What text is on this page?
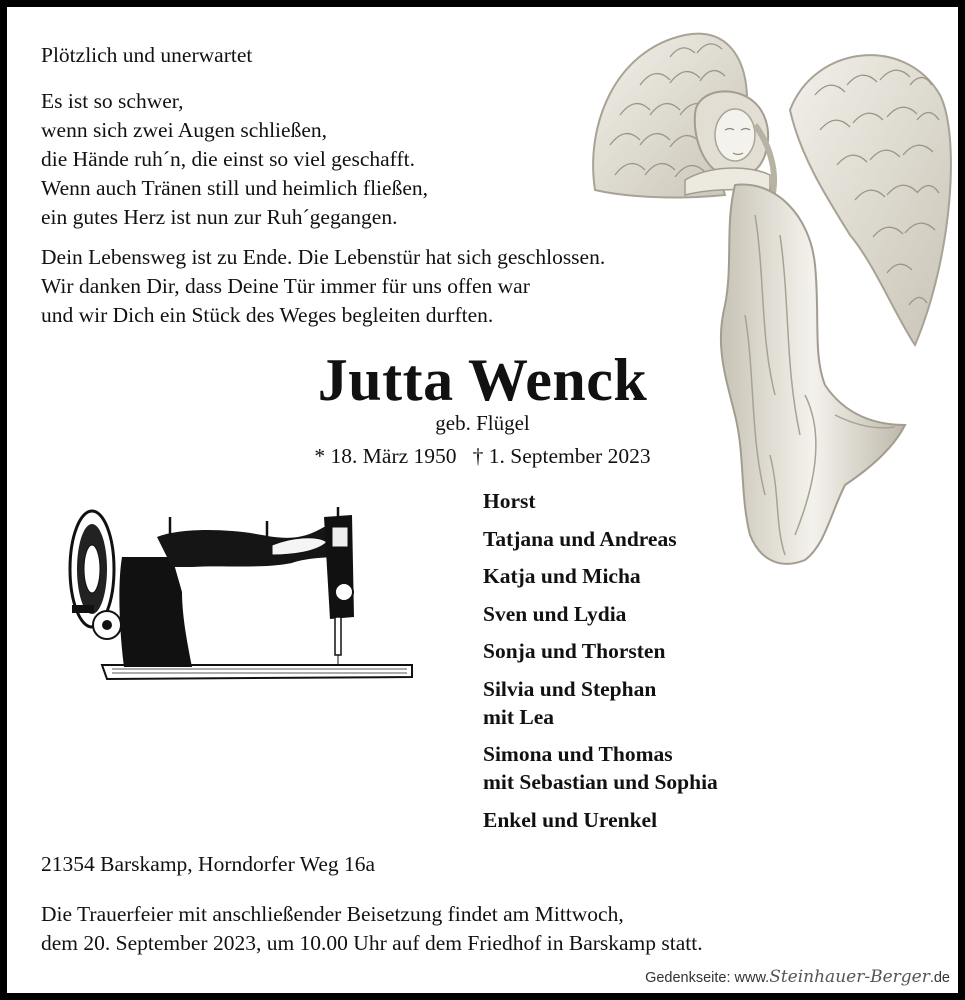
Plötzlich und unerwartet
Es ist so schwer,
wenn sich zwei Augen schließen,
die Hände ruh´n, die einst so viel geschafft.
Wenn auch Tränen still und heimlich fließen,
ein gutes Herz ist nun zur Ruh´gegangen.
Dein Lebensweg ist zu Ende. Die Lebenstür hat sich geschlossen.
Wir danken Dir, dass Deine Tür immer für uns offen war
und wir Dich ein Stück des Weges begleiten durften.
Jutta Wenck
geb. Flügel
* 18. März 1950   † 1. September 2023
Horst
Tatjana und Andreas
Katja und Micha
Sven und Lydia
Sonja und Thorsten
Silvia und Stephan
mit Lea
Simona und Thomas
mit Sebastian und Sophia
Enkel und Urenkel
21354 Barskamp, Horndorfer Weg 16a
Die Trauerfeier mit anschließender Beisetzung findet am Mittwoch,
dem 20. September 2023, um 10.00 Uhr auf dem Friedhof in Barskamp statt.
Gedenkseite: www.Steinhauer-Berger.de
